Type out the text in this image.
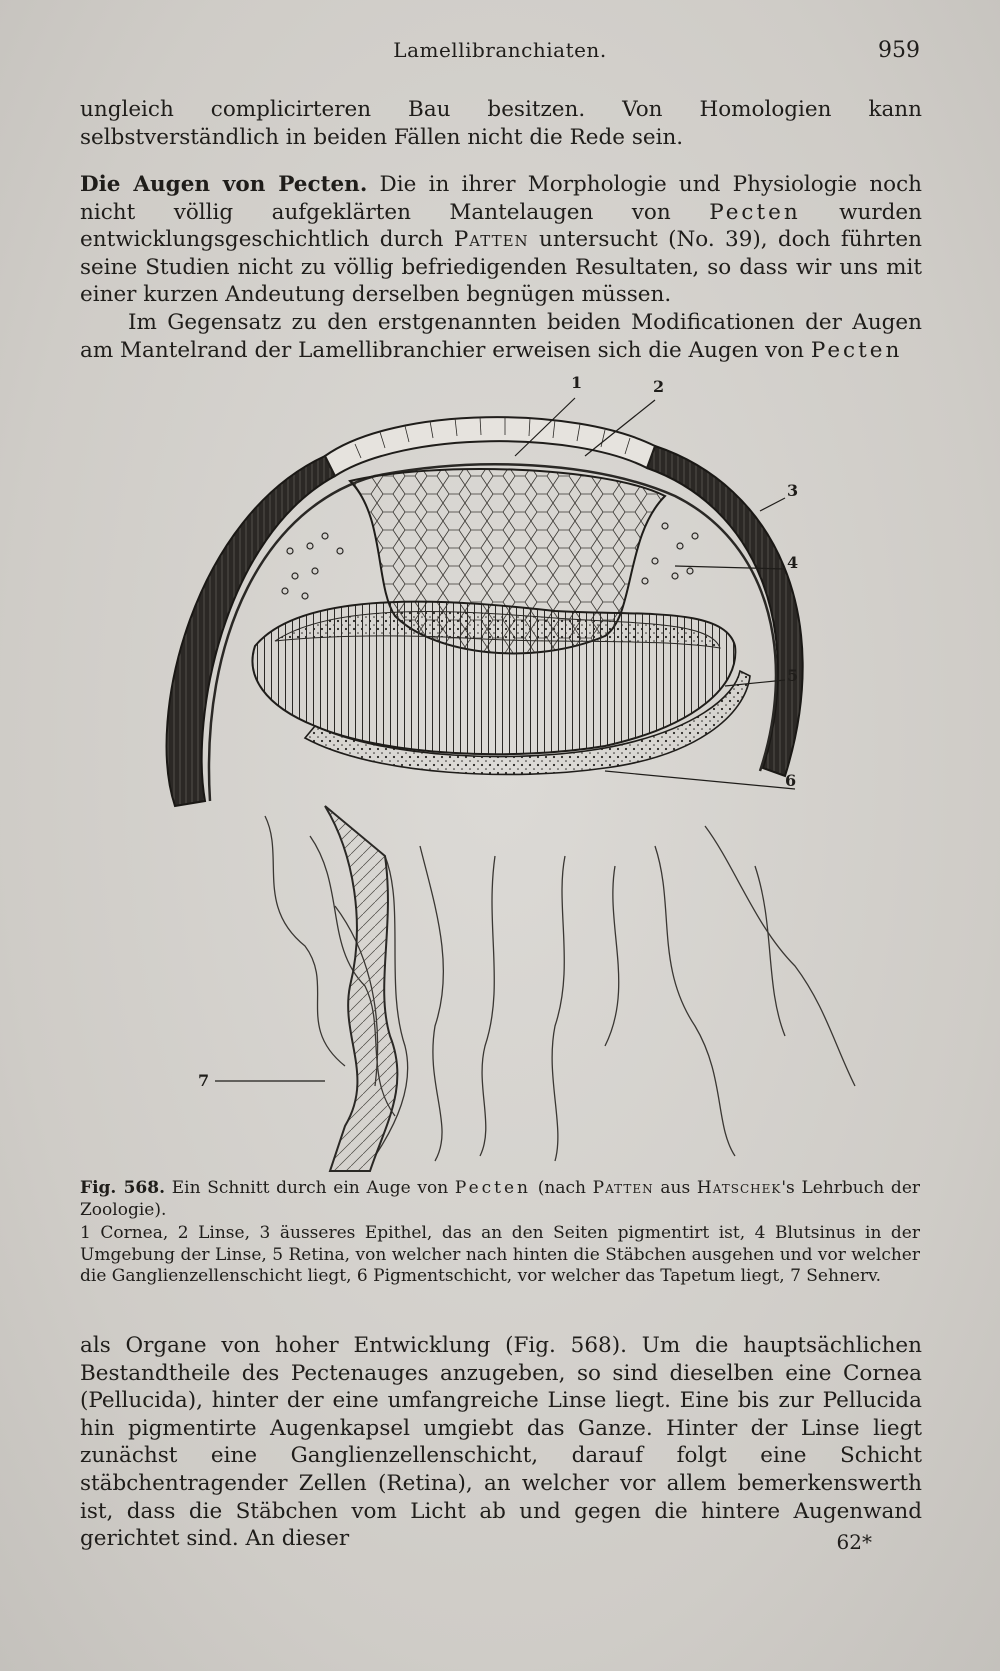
Lamellibranchiaten.	959

ungleich complicirteren Bau besitzen. Von Homologien kann selbstverständlich in beiden Fällen nicht die Rede sein.

Die Augen von Pecten. Die in ihrer Morphologie und Physiologie noch nicht völlig aufgeklärten Mantelaugen von Pecten wurden entwicklungsgeschichtlich durch Patten untersucht (No. 39), doch führten seine Studien nicht zu völlig befriedigenden Resultaten, so dass wir uns mit einer kurzen Andeutung derselben begnügen müssen.

Im Gegensatz zu den erstgenannten beiden Modificationen der Augen am Mantelrand der Lamellibranchier erweisen sich die Augen von Pecten

1	2
3
4
5
6
7
Fig. 568. Ein Schnitt durch ein Auge von Pecten (nach Patten aus Hatschek's Lehrbuch der Zoologie).
1 Cornea, 2 Linse, 3 äusseres Epithel, das an den Seiten pigmentirt ist, 4 Blutsinus in der Umgebung der Linse, 5 Retina, von welcher nach hinten die Stäbchen ausgehen und vor welcher die Ganglienzellenschicht liegt, 6 Pigmentschicht, vor welcher das Tapetum liegt, 7 Sehnerv.

als Organe von hoher Entwicklung (Fig. 568). Um die hauptsächlichen Bestandtheile des Pectenauges anzugeben, so sind dieselben eine Cornea (Pellucida), hinter der eine umfangreiche Linse liegt. Eine bis zur Pellucida hin pigmentirte Augenkapsel umgiebt das Ganze. Hinter der Linse liegt zunächst eine Ganglienzellenschicht, darauf folgt eine Schicht stäbchentragender Zellen (Retina), an welcher vor allem bemerkenswerth ist, dass die Stäbchen vom Licht ab und gegen die hintere Augenwand gerichtet sind. An dieser	62*
